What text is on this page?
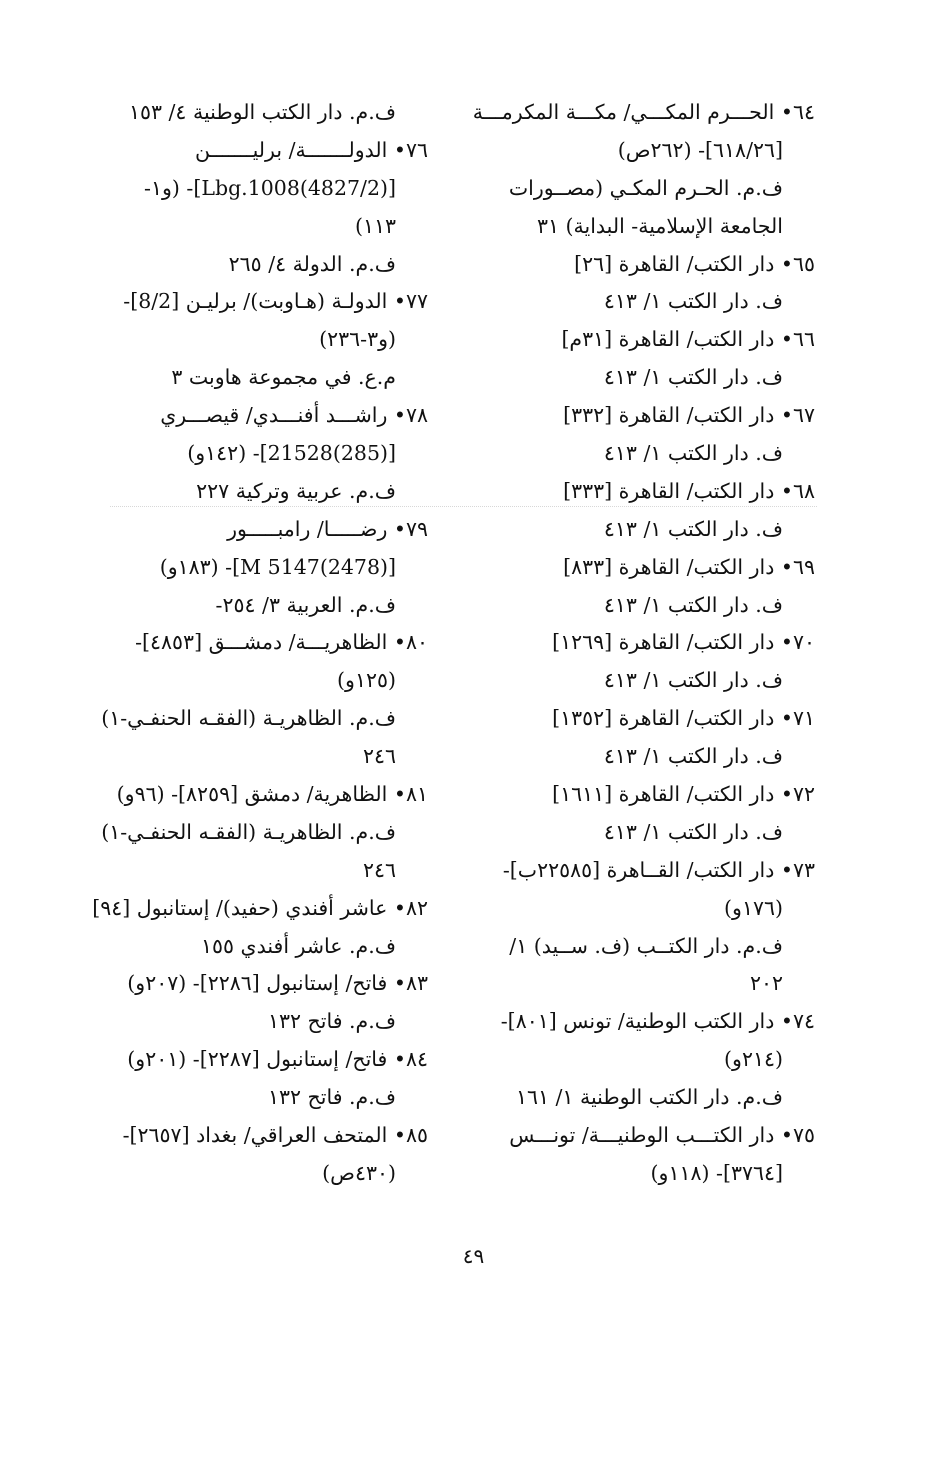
٦٤• الحـــرم المكـــي/ مكـــة المكرمـــة
[٦١٨/٢٦]- (٢٦٢ص)
ف.م. الحـرم المكـي (مصــورات
الجامعة الإسلامية- البداية) ٣١
٦٥• دار الكتب/ القاهرة [٢٦]
ف. دار الكتب ١/ ٤١٣
٦٦• دار الكتب/ القاهرة [٣١م]
ف. دار الكتب ١/ ٤١٣
٦٧• دار الكتب/ القاهرة [٣٣٢]
ف. دار الكتب ١/ ٤١٣
٦٨• دار الكتب/ القاهرة [٣٣٣]
ف. دار الكتب ١/ ٤١٣
٦٩• دار الكتب/ القاهرة [٨٣٣]
ف. دار الكتب ١/ ٤١٣
٧٠• دار الكتب/ القاهرة [١٢٦٩]
ف. دار الكتب ١/ ٤١٣
٧١• دار الكتب/ القاهرة [١٣٥٢]
ف. دار الكتب ١/ ٤١٣
٧٢• دار الكتب/ القاهرة [١٦١١]
ف. دار الكتب ١/ ٤١٣
٧٣• دار الكتب/ القــاهرة [٢٢٥٨٥ب]-
(١٧٦و)
ف.م. دار الكتــب (ف. ســيد) ١/
٢٠٢
٧٤• دار الكتب الوطنية/ تونس [٨٠١]-
(٢١٤و)
ف.م. دار الكتب الوطنية ١/ ١٦١
٧٥• دار الكتـــب الوطنيـــة/ تونـــس
[٣٧٦٤]- (١١٨و)
ف.م. دار الكتب الوطنية ٤/ ١٥٣
٧٦• الدولـــــــة/ برليـــــــن
[(4827/2)Lbg.1008]- (و١-
١١٣)
ف.م. الدولة ٤/ ٢٦٥
٧٧• الدولـة (هـاوبت)/ برليـن [8/2]-
(و٣-٢٣٦)
م.ع. في مجموعة هاوبت ٣
٧٨• راشـــد أفنـــدي/ قيصـــري
[(285)21528]- (١٤٢و)
ف.م. عربية وتركية ٢٢٧
٧٩• رضـــــا/ رامبـــــور
[(2478)5147 M]- (١٨٣و)
ف.م. العربية ٣/ ٢٥٤-
٨٠• الظاهريـــة/ دمشـــق [٤٨٥٣]-
(١٢٥و)
ف.م. الظاهريـة (الفقـه الحنفـي-١)
٢٤٦
٨١• الظاهرية/ دمشق [٨٢٥٩]- (٩٦و)
ف.م. الظاهريـة (الفقـه الحنفـي-١)
٢٤٦
٨٢• عاشر أفندي (حفيد)/ إستانبول [٩٤]
ف.م. عاشر أفندي ١٥٥
٨٣• فاتح/ إستانبول [٢٢٨٦]- (٢٠٧و)
ف.م. فاتح ١٣٢
٨٤• فاتح/ إستانبول [٢٢٨٧]- (٢٠١و)
ف.م. فاتح ١٣٢
٨٥• المتحف العراقي/ بغداد [٢٦٥٧]-
(٤٣٠ص)
٤٩
